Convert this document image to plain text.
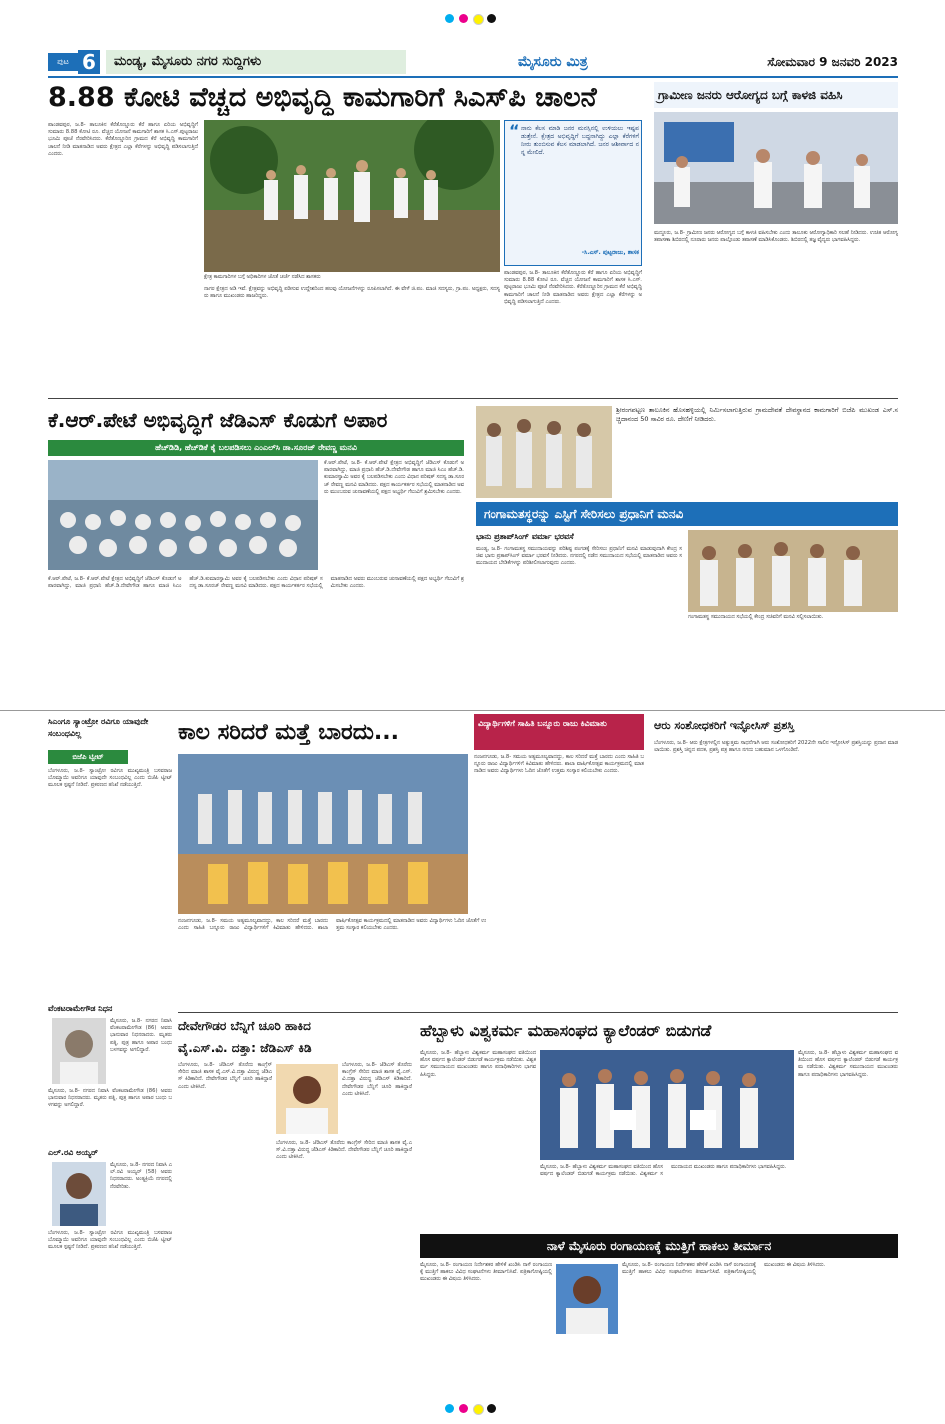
ಪುಟ 6	ಮಂಡ್ಯ, ಮೈಸೂರು ನಗರ ಸುದ್ದಿಗಳು	ಮೈಸೂರು ಮಿತ್ರ	ಸೋಮವಾರ 9 ಜನವರಿ 2023
8.88 ಕೋಟಿ ವೆಚ್ಚದ ಅಭಿವೃದ್ಧಿ ಕಾಮಗಾರಿಗೆ ಸಿಎಸ್‌ಪಿ ಚಾಲನೆ
ಪಾಂಡವಪುರ, ಜ.8- ತಾಲೂಕಿನ ಕೆರೆತೊಣ್ಣೂರು ಕೆರೆ ಹಾಗೂ ಏರಿಯ ಅಭಿವೃದ್ಧಿಗೆ ಸುಮಾರು 8.88 ಕೋಟಿ ರೂ. ವೆಚ್ಚದ ಯೋಜನೆ ಕಾಮಗಾರಿಗೆ ಶಾಸಕ ಸಿ.ಎಸ್.ಪುಟ್ಟರಾಜು ಭೂಮಿ ಪೂಜೆ ನೆರವೇರಿಸಿದರು. ಕೆರೆತೊಣ್ಣೂರಿನ ಗ್ರಾಮದ ಕೆರೆ ಅಭಿವೃದ್ಧಿ ಕಾಮಗಾರಿಗೆ ಚಾಲನೆ ನೀಡಿ ಮಾತನಾಡಿದ ಅವರು ಕ್ಷೇತ್ರದ ಎಲ್ಲಾ ಕೆರೆಗಳನ್ನು ಅಭಿವೃದ್ಧಿ ಪಡಿಸಲಾಗುತ್ತಿದೆ ಎಂದರು.
ಕ್ಷೇತ್ರ ಕಾಮಗಾರಿಗಳ ಬಗ್ಗೆ ಅಧಿಕಾರಿಗಳ ಜೊತೆ ಚರ್ಚೆ ನಡೆಸಿದ ಶಾಸಕರು
ನಾಗರ ಕ್ಷೇತ್ರದ ಅಡಿ ಇವೆ. ಕ್ಷೇತ್ರವನ್ನು ಅಭಿವೃದ್ಧಿ ಪಡಿಸುವ ಉದ್ದೇಶದಿಂದ ಹಲವು ಯೋಜನೆಗಳನ್ನು ರೂಪಿಸಲಾಗಿದೆ. ಈ ವೇಳೆ ಜಿ.ಪಂ. ಮಾಜಿ ಸದಸ್ಯರು, ಗ್ರಾ.ಪಂ. ಅಧ್ಯಕ್ಷರು, ಸದಸ್ಯರು ಹಾಗೂ ಮುಖಂಡರು ಹಾಜರಿದ್ದರು.
“ ನಾನು ಕೆಲಸ ಮಾಡಿ ಜನರ ಮನಸ್ಸಿನಲ್ಲಿ ಉಳಿಯಲು ಇಷ್ಟಪಡುತ್ತೇನೆ. ಕ್ಷೇತ್ರದ ಅಭಿವೃದ್ಧಿಗೆ ಬದ್ಧನಾಗಿದ್ದು ಎಲ್ಲಾ ಕೆರೆಗಳಿಗೆ ನೀರು ತುಂಬಿಸುವ ಕೆಲಸ ಮಾಡಲಾಗಿದೆ. ಜನರ ಆಶೀರ್ವಾದ ನನ್ನ ಮೇಲಿದೆ.
-ಸಿ.ಎಸ್. ಪುಟ್ಟರಾಜು, ಶಾಸಕ
ಪಾಂಡವಪುರ, ಜ.8- ತಾಲೂಕಿನ ಕೆರೆತೊಣ್ಣೂರು ಕೆರೆ ಹಾಗೂ ಏರಿಯ ಅಭಿವೃದ್ಧಿಗೆ ಸುಮಾರು 8.88 ಕೋಟಿ ರೂ. ವೆಚ್ಚದ ಯೋಜನೆ ಕಾಮಗಾರಿಗೆ ಶಾಸಕ ಸಿ.ಎಸ್.ಪುಟ್ಟರಾಜು ಭೂಮಿ ಪೂಜೆ ನೆರವೇರಿಸಿದರು. ಕೆರೆತೊಣ್ಣೂರಿನ ಗ್ರಾಮದ ಕೆರೆ ಅಭಿವೃದ್ಧಿ ಕಾಮಗಾರಿಗೆ ಚಾಲನೆ ನೀಡಿ ಮಾತನಾಡಿದ ಅವರು ಕ್ಷೇತ್ರದ ಎಲ್ಲಾ ಕೆರೆಗಳನ್ನು ಅಭಿವೃದ್ಧಿ ಪಡಿಸಲಾಗುತ್ತಿದೆ ಎಂದರು.
ಗ್ರಾಮೀಣ ಜನರು ಆರೋಗ್ಯದ ಬಗ್ಗೆ ಕಾಳಜಿ ವಹಿಸಿ
ಮದ್ದೂರು, ಜ.8- ಗ್ರಾಮೀಣ ಜನರು ಆರೋಗ್ಯದ ಬಗ್ಗೆ ಕಾಳಜಿ ವಹಿಸಬೇಕು ಎಂದು ತಾಲೂಕು ಆರೋಗ್ಯಾಧಿಕಾರಿ ಸಲಹೆ ನೀಡಿದರು. ಉಚಿತ ಆರೋಗ್ಯ ತಪಾಸಣಾ ಶಿಬಿರದಲ್ಲಿ ನೂರಾರು ಜನರು ಪಾಲ್ಗೊಂಡು ತಪಾಸಣೆ ಮಾಡಿಸಿಕೊಂಡರು. ಶಿಬಿರದಲ್ಲಿ ತಜ್ಞ ವೈದ್ಯರು ಭಾಗವಹಿಸಿದ್ದರು.
ಕೆ.ಆರ್.ಪೇಟೆ ಅಭಿವೃದ್ಧಿಗೆ ಜೆಡಿಎಸ್ ಕೊಡುಗೆ ಅಪಾರ
ಹೆಚ್‌ಡಿಡಿ, ಹೆಚ್‌ಡಿಕೆ ಕೈ ಬಲಪಡಿಸಲು ಎಂಎಲ್‌ಸಿ ಡಾ.ಸೂರಜ್ ರೇವಣ್ಣ ಮನವಿ
ಕೆ.ಆರ್.ಪೇಟೆ, ಜ.8- ಕೆ.ಆರ್.ಪೇಟೆ ಕ್ಷೇತ್ರದ ಅಭಿವೃದ್ಧಿಗೆ ಜೆಡಿಎಸ್ ಕೊಡುಗೆ ಅಪಾರವಾಗಿದ್ದು, ಮಾಜಿ ಪ್ರಧಾನಿ ಹೆಚ್.ಡಿ.ದೇವೇಗೌಡ ಹಾಗೂ ಮಾಜಿ ಸಿಎಂ ಹೆಚ್.ಡಿ.ಕುಮಾರಸ್ವಾಮಿ ಅವರ ಕೈ ಬಲಪಡಿಸಬೇಕು ಎಂದು ವಿಧಾನ ಪರಿಷತ್ ಸದಸ್ಯ ಡಾ.ಸೂರಜ್ ರೇವಣ್ಣ ಮನವಿ ಮಾಡಿದರು. ಪಕ್ಷದ ಕಾರ್ಯಕರ್ತರ ಸಭೆಯಲ್ಲಿ ಮಾತನಾಡಿದ ಅವರು ಮುಂಬರುವ ಚುನಾವಣೆಯಲ್ಲಿ ಪಕ್ಷದ ಅಭ್ಯರ್ಥಿ ಗೆಲುವಿಗೆ ಶ್ರಮಿಸಬೇಕು ಎಂದರು.
ಕೆ.ಆರ್.ಪೇಟೆ, ಜ.8- ಕೆ.ಆರ್.ಪೇಟೆ ಕ್ಷೇತ್ರದ ಅಭಿವೃದ್ಧಿಗೆ ಜೆಡಿಎಸ್ ಕೊಡುಗೆ ಅಪಾರವಾಗಿದ್ದು, ಮಾಜಿ ಪ್ರಧಾನಿ ಹೆಚ್.ಡಿ.ದೇವೇಗೌಡ ಹಾಗೂ ಮಾಜಿ ಸಿಎಂ ಹೆಚ್.ಡಿ.ಕುಮಾರಸ್ವಾಮಿ ಅವರ ಕೈ ಬಲಪಡಿಸಬೇಕು ಎಂದು ವಿಧಾನ ಪರಿಷತ್ ಸದಸ್ಯ ಡಾ.ಸೂರಜ್ ರೇವಣ್ಣ ಮನವಿ ಮಾಡಿದರು. ಪಕ್ಷದ ಕಾರ್ಯಕರ್ತರ ಸಭೆಯಲ್ಲಿ ಮಾತನಾಡಿದ ಅವರು ಮುಂಬರುವ ಚುನಾವಣೆಯಲ್ಲಿ ಪಕ್ಷದ ಅಭ್ಯರ್ಥಿ ಗೆಲುವಿಗೆ ಶ್ರಮಿಸಬೇಕು ಎಂದರು.
ಶ್ರೀರಂಗಪಟ್ಟಣ ತಾಲೂಕಿನ ಹೊಸಹಳ್ಳಿಯಲ್ಲಿ ನಿರ್ಮಿಸಲಾಗುತ್ತಿರುವ ಗ್ರಾಮದೇವತೆ ದೇವಸ್ಥಾನದ ಕಾಮಗಾರಿಗೆ ಬಿಜೆಪಿ ಮುಖಂಡ ಎಸ್.ಸಚ್ಚಿದಾನಂದ 50 ಸಾವಿರ ರೂ. ದೇಣಿಗೆ ನೀಡಿದರು.
ಗಂಗಾಮತಸ್ಥರನ್ನು ಎಸ್ಟಿಗೆ ಸೇರಿಸಲು ಪ್ರಧಾನಿಗೆ ಮನವಿ
ಭಾನು ಪ್ರತಾಪ್‌ಸಿಂಗ್ ವರ್ಮಾ ಭರವಸೆ
ಮಂಡ್ಯ, ಜ.8- ಗಂಗಾಮತಸ್ಥ ಸಮುದಾಯವನ್ನು ಪರಿಶಿಷ್ಟ ಪಂಗಡಕ್ಕೆ ಸೇರಿಸಲು ಪ್ರಧಾನಿಗೆ ಮನವಿ ಮಾಡುವುದಾಗಿ ಕೇಂದ್ರ ಸಚಿವ ಭಾನು ಪ್ರತಾಪ್‌ಸಿಂಗ್ ವರ್ಮಾ ಭರವಸೆ ನೀಡಿದರು. ನಗರದಲ್ಲಿ ನಡೆದ ಸಮುದಾಯದ ಸಭೆಯಲ್ಲಿ ಮಾತನಾಡಿದ ಅವರು ಸಮುದಾಯದ ಬೇಡಿಕೆಗಳನ್ನು ಪರಿಶೀಲಿಸಲಾಗುವುದು ಎಂದರು.
ಗಂಗಾಮತಸ್ಥ ಸಮುದಾಯದ ಸಭೆಯಲ್ಲಿ ಕೇಂದ್ರ ಸಚಿವರಿಗೆ ಮನವಿ ಸಲ್ಲಿಸಲಾಯಿತು.
ಸಿಎಂಗೂ ಸ್ಯಾಂಟ್ರೋ ರವಿಗೂ ಯಾವುದೇ ಸಂಬಂಧವಿಲ್ಲ
ಬಿಜೆಪಿ ಟ್ವೀಟ್
ಬೆಂಗಳೂರು, ಜ.8- ಸ್ಯಾಂಟ್ರೋ ರವಿಗೂ ಮುಖ್ಯಮಂತ್ರಿ ಬಸವರಾಜ ಬೊಮ್ಮಾಯಿ ಅವರಿಗೂ ಯಾವುದೇ ಸಂಬಂಧವಿಲ್ಲ ಎಂದು ಬಿಜೆಪಿ ಟ್ವೀಟ್ ಮೂಲಕ ಸ್ಪಷ್ಟನೆ ನೀಡಿದೆ. ಪ್ರಕರಣದ ತನಿಖೆ ನಡೆಯುತ್ತಿದೆ.
ವೆಂಕಟರಾಮೇಗೌಡ ನಿಧನ
ಮೈಸೂರು, ಜ.8- ನಗರದ ನಿವಾಸಿ ವೆಂಕಟರಾಮೇಗೌಡ (86) ಅವರು ಭಾನುವಾರ ನಿಧನರಾದರು. ಮೃತರು ಪತ್ನಿ, ಪುತ್ರ ಹಾಗೂ ಅಪಾರ ಬಂಧು ಬಳಗವನ್ನು ಅಗಲಿದ್ದಾರೆ.
ಮೈಸೂರು, ಜ.8- ನಗರದ ನಿವಾಸಿ ವೆಂಕಟರಾಮೇಗೌಡ (86) ಅವರು ಭಾನುವಾರ ನಿಧನರಾದರು. ಮೃತರು ಪತ್ನಿ, ಪುತ್ರ ಹಾಗೂ ಅಪಾರ ಬಂಧು ಬಳಗವನ್ನು ಅಗಲಿದ್ದಾರೆ.
ಎಲ್.ರವಿ ಅಯ್ಯರ್
ಮೈಸೂರು, ಜ.8- ನಗರದ ನಿವಾಸಿ ಎಲ್.ರವಿ ಅಯ್ಯರ್ (58) ಅವರು ನಿಧನರಾದರು. ಅಂತ್ಯಕ್ರಿಯೆ ನಗರದಲ್ಲಿ ನೆರವೇರಿತು.
ಬೆಂಗಳೂರು, ಜ.8- ಸ್ಯಾಂಟ್ರೋ ರವಿಗೂ ಮುಖ್ಯಮಂತ್ರಿ ಬಸವರಾಜ ಬೊಮ್ಮಾಯಿ ಅವರಿಗೂ ಯಾವುದೇ ಸಂಬಂಧವಿಲ್ಲ ಎಂದು ಬಿಜೆಪಿ ಟ್ವೀಟ್ ಮೂಲಕ ಸ್ಪಷ್ಟನೆ ನೀಡಿದೆ. ಪ್ರಕರಣದ ತನಿಖೆ ನಡೆಯುತ್ತಿದೆ.
ಕಾಲ ಸರಿದರೆ ಮತ್ತೆ ಬಾರದು...	ವಿದ್ಯಾರ್ಥಿಗಳಿಗೆ ಸಾಹಿತಿ ಬನ್ನೂರು ರಾಜು ಕಿವಿಮಾತು
ನಂಜನಗೂಡು, ಜ.8- ಸಮಯ ಅತ್ಯಮೂಲ್ಯವಾದದ್ದು, ಕಾಲ ಸರಿದರೆ ಮತ್ತೆ ಬಾರದು ಎಂದು ಸಾಹಿತಿ ಬನ್ನೂರು ರಾಜು ವಿದ್ಯಾರ್ಥಿಗಳಿಗೆ ಕಿವಿಮಾತು ಹೇಳಿದರು. ಶಾಲಾ ವಾರ್ಷಿಕೋತ್ಸವ ಕಾರ್ಯಕ್ರಮದಲ್ಲಿ ಮಾತನಾಡಿದ ಅವರು ವಿದ್ಯಾರ್ಥಿಗಳು ಓದಿನ ಜೊತೆಗೆ ಉತ್ತಮ ಸಂಸ್ಕಾರ ಕಲಿಯಬೇಕು ಎಂದರು.
ನಂಜನಗೂಡು, ಜ.8- ಸಮಯ ಅತ್ಯಮೂಲ್ಯವಾದದ್ದು, ಕಾಲ ಸರಿದರೆ ಮತ್ತೆ ಬಾರದು ಎಂದು ಸಾಹಿತಿ ಬನ್ನೂರು ರಾಜು ವಿದ್ಯಾರ್ಥಿಗಳಿಗೆ ಕಿವಿಮಾತು ಹೇಳಿದರು. ಶಾಲಾ ವಾರ್ಷಿಕೋತ್ಸವ ಕಾರ್ಯಕ್ರಮದಲ್ಲಿ ಮಾತನಾಡಿದ ಅವರು ವಿದ್ಯಾರ್ಥಿಗಳು ಓದಿನ ಜೊತೆಗೆ ಉತ್ತಮ ಸಂಸ್ಕಾರ ಕಲಿಯಬೇಕು ಎಂದರು.
ಆರು ಸಂಶೋಧಕರಿಗೆ ಇನ್ಫೋಸಿಸ್ ಪ್ರಶಸ್ತಿ
ಬೆಂಗಳೂರು, ಜ.8- ಆರು ಕ್ಷೇತ್ರಗಳಲ್ಲಿನ ಅತ್ಯುತ್ತಮ ಸಾಧನೆಗಾಗಿ ಆರು ಸಂಶೋಧಕರಿಗೆ 2022ನೇ ಸಾಲಿನ ಇನ್ಫೋಸಿಸ್ ಪ್ರಶಸ್ತಿಯನ್ನು ಪ್ರದಾನ ಮಾಡಲಾಯಿತು. ಪ್ರಶಸ್ತಿ ಚಿನ್ನದ ಪದಕ, ಪ್ರಶಸ್ತಿ ಪತ್ರ ಹಾಗೂ ನಗದು ಬಹುಮಾನ ಒಳಗೊಂಡಿದೆ.
ದೇವೇಗೌಡರ ಬೆನ್ನಿಗೆ ಚೂರಿ ಹಾಕಿದ
ವೈ.ಎಸ್.ವಿ. ದತ್ತಾ: ಜೆಡಿಎಸ್ ಕಿಡಿ
ಬೆಂಗಳೂರು, ಜ.8- ಜೆಡಿಎಸ್ ತೊರೆದು ಕಾಂಗ್ರೆಸ್ ಸೇರಿದ ಮಾಜಿ ಶಾಸಕ ವೈ.ಎಸ್.ವಿ.ದತ್ತಾ ವಿರುದ್ಧ ಜೆಡಿಎಸ್ ಕಿಡಿಕಾರಿದೆ. ದೇವೇಗೌಡರ ಬೆನ್ನಿಗೆ ಚೂರಿ ಹಾಕಿದ್ದಾರೆ ಎಂದು ಟೀಕಿಸಿದೆ.
ಬೆಂಗಳೂರು, ಜ.8- ಜೆಡಿಎಸ್ ತೊರೆದು ಕಾಂಗ್ರೆಸ್ ಸೇರಿದ ಮಾಜಿ ಶಾಸಕ ವೈ.ಎಸ್.ವಿ.ದತ್ತಾ ವಿರುದ್ಧ ಜೆಡಿಎಸ್ ಕಿಡಿಕಾರಿದೆ. ದೇವೇಗೌಡರ ಬೆನ್ನಿಗೆ ಚೂರಿ ಹಾಕಿದ್ದಾರೆ ಎಂದು ಟೀಕಿಸಿದೆ.
ಬೆಂಗಳೂರು, ಜ.8- ಜೆಡಿಎಸ್ ತೊರೆದು ಕಾಂಗ್ರೆಸ್ ಸೇರಿದ ಮಾಜಿ ಶಾಸಕ ವೈ.ಎಸ್.ವಿ.ದತ್ತಾ ವಿರುದ್ಧ ಜೆಡಿಎಸ್ ಕಿಡಿಕಾರಿದೆ. ದೇವೇಗೌಡರ ಬೆನ್ನಿಗೆ ಚೂರಿ ಹಾಕಿದ್ದಾರೆ ಎಂದು ಟೀಕಿಸಿದೆ.
ಹೆಬ್ಬಾಳು ವಿಶ್ವಕರ್ಮ ಮಹಾಸಂಘದ ಕ್ಯಾಲೆಂಡರ್ ಬಿಡುಗಡೆ
ಮೈಸೂರು, ಜ.8- ಹೆಬ್ಬಾಳು ವಿಶ್ವಕರ್ಮ ಮಹಾಸಂಘದ ವತಿಯಿಂದ ಹೊಸ ವರ್ಷದ ಕ್ಯಾಲೆಂಡರ್ ಬಿಡುಗಡೆ ಕಾರ್ಯಕ್ರಮ ನಡೆಯಿತು. ವಿಶ್ವಕರ್ಮ ಸಮುದಾಯದ ಮುಖಂಡರು ಹಾಗೂ ಪದಾಧಿಕಾರಿಗಳು ಭಾಗವಹಿಸಿದ್ದರು.
ಮೈಸೂರು, ಜ.8- ಹೆಬ್ಬಾಳು ವಿಶ್ವಕರ್ಮ ಮಹಾಸಂಘದ ವತಿಯಿಂದ ಹೊಸ ವರ್ಷದ ಕ್ಯಾಲೆಂಡರ್ ಬಿಡುಗಡೆ ಕಾರ್ಯಕ್ರಮ ನಡೆಯಿತು. ವಿಶ್ವಕರ್ಮ ಸಮುದಾಯದ ಮುಖಂಡರು ಹಾಗೂ ಪದಾಧಿಕಾರಿಗಳು ಭಾಗವಹಿಸಿದ್ದರು.
ಮೈಸೂರು, ಜ.8- ಹೆಬ್ಬಾಳು ವಿಶ್ವಕರ್ಮ ಮಹಾಸಂಘದ ವತಿಯಿಂದ ಹೊಸ ವರ್ಷದ ಕ್ಯಾಲೆಂಡರ್ ಬಿಡುಗಡೆ ಕಾರ್ಯಕ್ರಮ ನಡೆಯಿತು. ವಿಶ್ವಕರ್ಮ ಸಮುದಾಯದ ಮುಖಂಡರು ಹಾಗೂ ಪದಾಧಿಕಾರಿಗಳು ಭಾಗವಹಿಸಿದ್ದರು.
ನಾಳೆ ಮೈಸೂರು ರಂಗಾಯಣಕ್ಕೆ ಮುತ್ತಿಗೆ ಹಾಕಲು ತೀರ್ಮಾನ
ಮೈಸೂರು, ಜ.8- ರಂಗಾಯಣ ನಿರ್ದೇಶಕರ ಹೇಳಿಕೆ ಖಂಡಿಸಿ ನಾಳೆ ರಂಗಾಯಣಕ್ಕೆ ಮುತ್ತಿಗೆ ಹಾಕಲು ವಿವಿಧ ಸಂಘಟನೆಗಳು ತೀರ್ಮಾನಿಸಿವೆ. ಪತ್ರಿಕಾಗೋಷ್ಠಿಯಲ್ಲಿ ಮುಖಂಡರು ಈ ವಿಷಯ ತಿಳಿಸಿದರು.
ಮೈಸೂರು, ಜ.8- ರಂಗಾಯಣ ನಿರ್ದೇಶಕರ ಹೇಳಿಕೆ ಖಂಡಿಸಿ ನಾಳೆ ರಂಗಾಯಣಕ್ಕೆ ಮುತ್ತಿಗೆ ಹಾಕಲು ವಿವಿಧ ಸಂಘಟನೆಗಳು ತೀರ್ಮಾನಿಸಿವೆ. ಪತ್ರಿಕಾಗೋಷ್ಠಿಯಲ್ಲಿ ಮುಖಂಡರು ಈ ವಿಷಯ ತಿಳಿಸಿದರು.
